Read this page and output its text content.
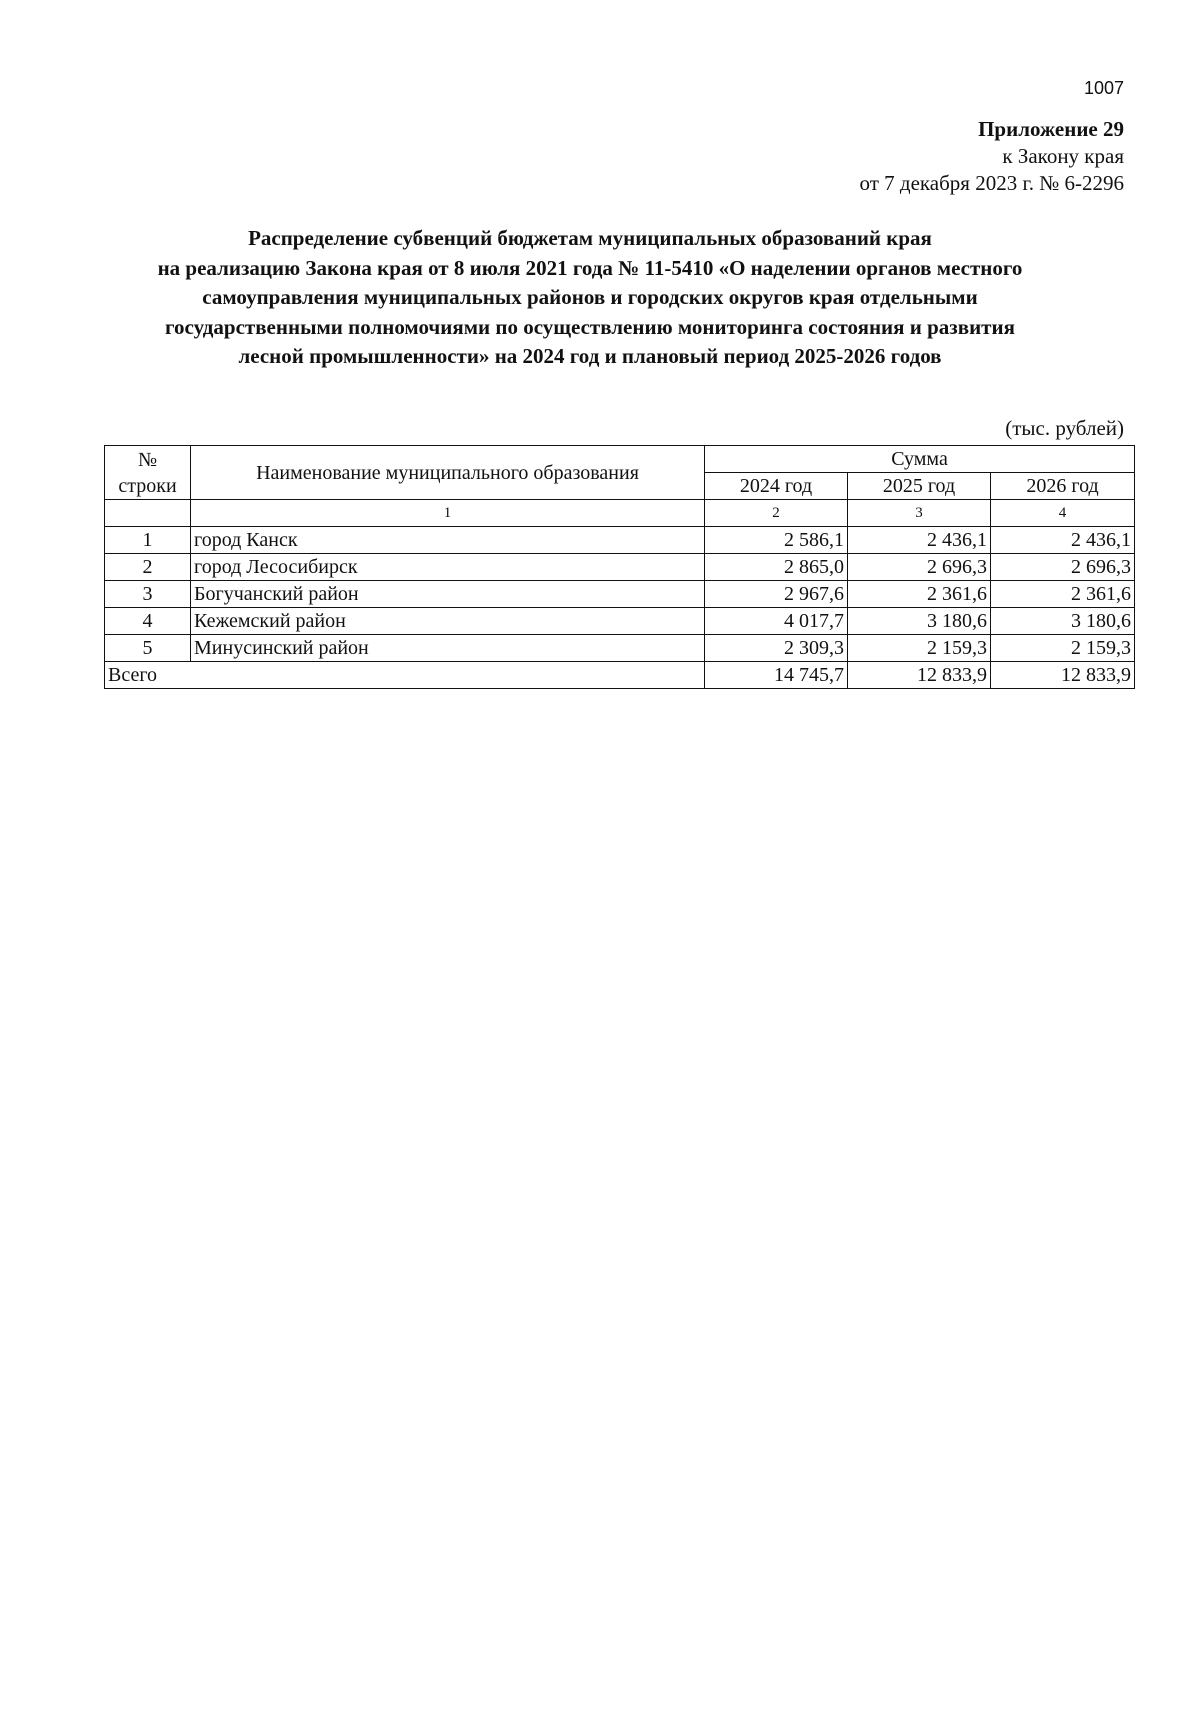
1007
Приложение 29
к Закону края
от 7 декабря 2023 г. № 6-2296
Распределение субвенций бюджетам муниципальных образований края
на реализацию Закона края от 8 июля 2021 года № 11-5410 «О наделении органов местного
самоуправления муниципальных районов и городских округов края отдельными
государственными полномочиями по осуществлению мониторинга состояния и развития
лесной промышленности» на 2024 год и плановый период 2025-2026 годов
(тыс. рублей)
№
строки	Наименование муниципального образования	Сумма		
		2024 год	2025 год	2026 год
	1	2	3	4
1	город Канск	2 586,1	2 436,1	2 436,1
2	город Лесосибирск	2 865,0	2 696,3	2 696,3
3	Богучанский район	2 967,6	2 361,6	2 361,6
4	Кежемский район	4 017,7	3 180,6	3 180,6
5	Минусинский район	2 309,3	2 159,3	2 159,3
Всего		14 745,7	12 833,9	12 833,9
